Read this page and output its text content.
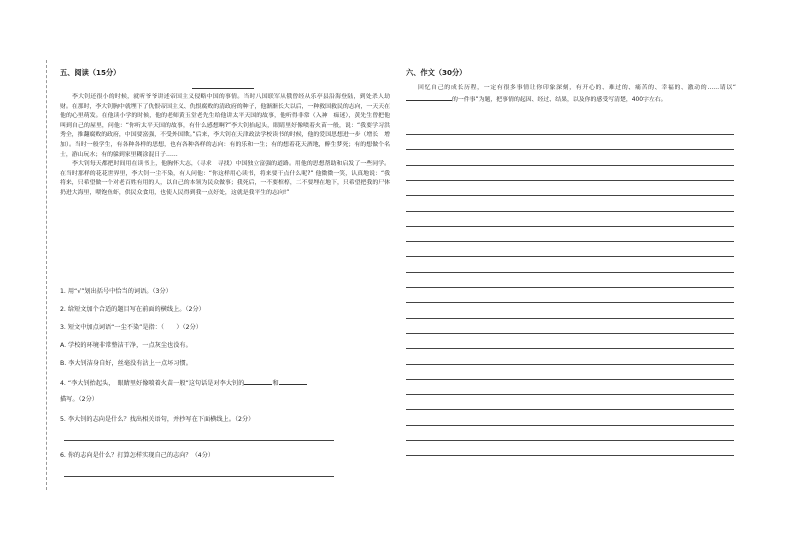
五、阅读（15分）

李大钊还很小的时候，就听爷爷讲述帝国主义侵略中国的事情。当时八国联军从俄曾经从乐亭县沿海登陆，到处杀人劫财。在那时，李大钊胸中就埋下了仇恨帝国主义、仇恨腐败的清政府的种子，他渐渐长大以后，一种救国救民的志向，一天天在他的心里萌发。在他读小学的时候，他的老师黄玉堂老先生给他讲太平天国的故事，他听得非常（入神　痴迷），黄先生曾把他叫到自己的屋里，问他：“你听太平天国的故事，有什么感想啊?”李大钊抬起头，眼睛里好像喷着火苗一般，说：“我要学习洪秀全，推翻腐败的政府，中国要富强，不受外国欺。”后来，李大钊在天津政法学校读书的时候，他的爱国思想进一步（增长　增加）。当时一般学生，有各种各样的思想，也有各种各样的志向：有的乐和一生；有的想着花天酒地，醉生梦死；有的想做个名士，游山玩水；有的躲到家里糊涂混日子……

李大钊每天都把时间用在读书上，他胸怀大志，（寻求　寻找）中国独立富强的道路。用他的思想帮助和启发了一些同学。在当时那样的花花世界里，李大钊一尘不染，有人问他：“你这样用心读书，将来要干点什么呢?” 他微微一笑，认真地说：“我将来，只希望做一个对老百姓有用的人，以自己的本领为民众做事；我死后，一不要棺椁，二不要埋在地下，只希望把我的尸体扔进大海里，喂饱鱼虾，供民众食用，也使人民得到我一点好处，这就是我平生的志向!”

1. 用“√”划出括号中恰当的词语。（3分）
2. 给短文加个合适的题目写在前面的横线上。（2分）
3. 短文中加点词语“一尘不染”是指：（　　）（2分）
A. 学校的环境非常整洁干净，一点灰尘也没有。
B. 李大钊洁身自好，丝毫没有沾上一点坏习惯。
4. “李大钊抬起头，　眼睛里好像喷着火苗一般”这句话是对李大钊的	和
描写。（2分）
5. 李大钊的志向是什么？找出相关语句，并抄写在下面横线上。（2分）
6. 你的志向是什么？打算怎样实现自己的志向？（4分）
六、作文（30分）

回忆自己的成长历程，一定有很多事情让你印象深刻，有开心的、难过的、痛苦的、幸福的、激动的……请以“的一件事”为题，把事情的起因、经过、结果，以及你的感受写清楚，400字左右。
